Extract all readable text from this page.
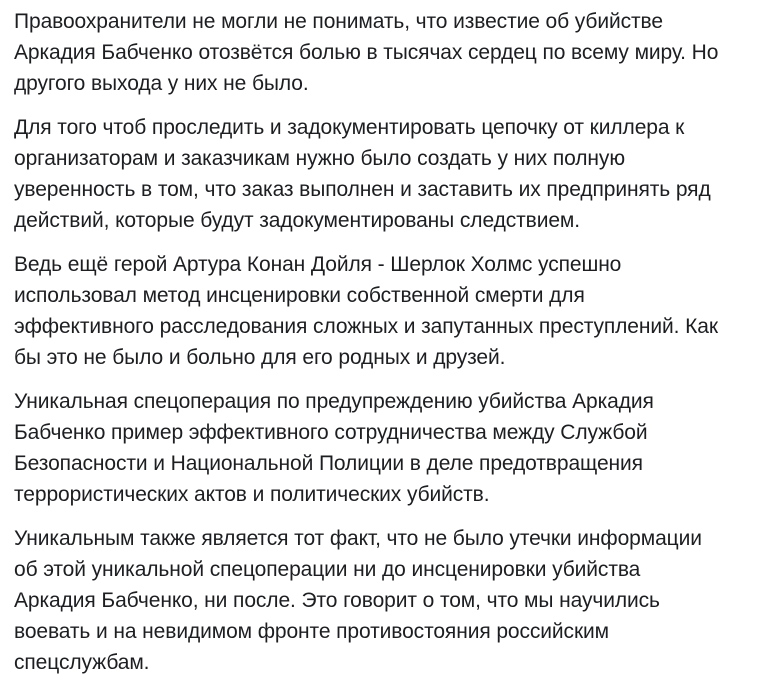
Правоохранители не могли не понимать, что известие об убийстве
Аркадия Бабченко отозвётся болью в тысячах сердец по всему миру. Но
другого выхода у них не было.

Для того чтоб проследить и задокументировать цепочку от киллера к
организаторам и заказчикам нужно было создать у них полную
уверенность в том, что заказ выполнен и заставить их предпринять ряд
действий, которые будут задокументированы следствием.

Ведь ещё герой Артура Конан Дойля - Шерлок Холмс успешно
использовал метод инсценировки собственной смерти для
эффективного расследования сложных и запутанных преступлений. Как
бы это не было и больно для его родных и друзей.

Уникальная спецоперация по предупреждению убийства Аркадия
Бабченко пример эффективного сотрудничества между Службой
Безопасности и Национальной Полиции в деле предотвращения
террористических актов и политических убийств.

Уникальным также является тот факт, что не было утечки информации
об этой уникальной спецоперации ни до инсценировки убийства
Аркадия Бабченко, ни после. Это говорит о том, что мы научились
воевать и на невидимом фронте противостояния российским
спецслужбам.
